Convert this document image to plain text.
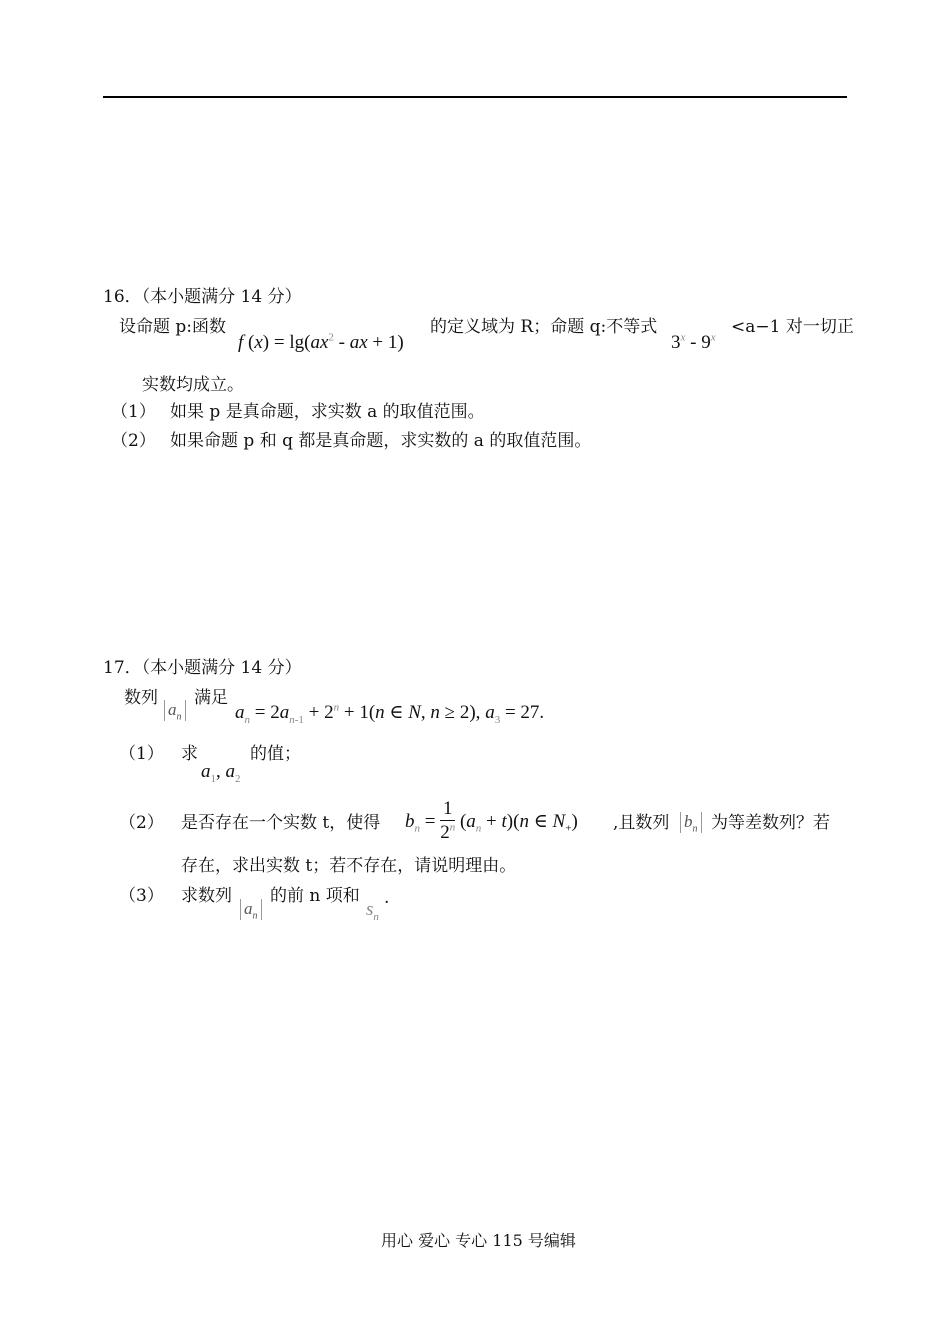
16．（本小题满分 14 分）
设命题 p:函数
f $(x) = \lg(ax^2$ - ax + 1)
的定义域为 R；命题 q:不等式
$3^x - 9^x$
<a−1 对一切正
实数均成立。
（1） 如果 p 是真命题，求实数 a 的取值范围。
（2） 如果命题 p 和 q 都是真命题，求实数的 a 的取值范围。
17．（本小题满分 14 分）
数列
$a_n$
满足
$a_n = 2a_{n-1} + 2^n + 1(n$ ∈ N, n ≥ 2), $a_3 = 27$.
（1） 求
$a_1$, $a_2$
的值；
（2） 是否存在一个实数 t，使得 $b_n = \frac{1}{2^n} (a_n + t)(n$ ∈ $N_+$) ,且数列 $b_n$ 为等差数列？若
存在，求出实数 t；若不存在，请说明理由。
（3） 求数列
$a_n$
的前 n 项和
$s_n$
.
用心 爱心 专心 115 号编辑
